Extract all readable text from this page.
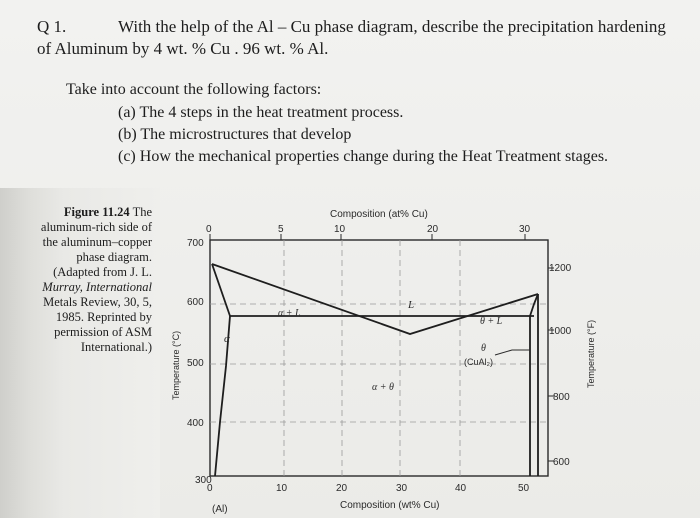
Q 1.	With the help of the Al – Cu phase diagram, describe the precipitation hardening
of Aluminum by 4 wt. % Cu . 96 wt. % Al.
Take into account the following factors:
(a) The 4 steps in the heat treatment process.
(b) The microstructures that develop
(c) How the mechanical properties change during the Heat Treatment stages.
Figure 11.24 The
aluminum-rich side of
the aluminum–copper
phase diagram.
(Adapted from J. L.
Murray, International
Metals Review, 30, 5,
1985. Reprinted by
permission of ASM
International.)
Composition (at% Cu)
0	5	10	20	30
700
600
500
400
300
Temperature (°C)
1200
1000
800
600
Temperature (°F)
0	10	20	30	40	50
(Al)	Composition (wt% Cu)
L
α
α + L
θ + L
θ
(CuAl₂)
α + θ
